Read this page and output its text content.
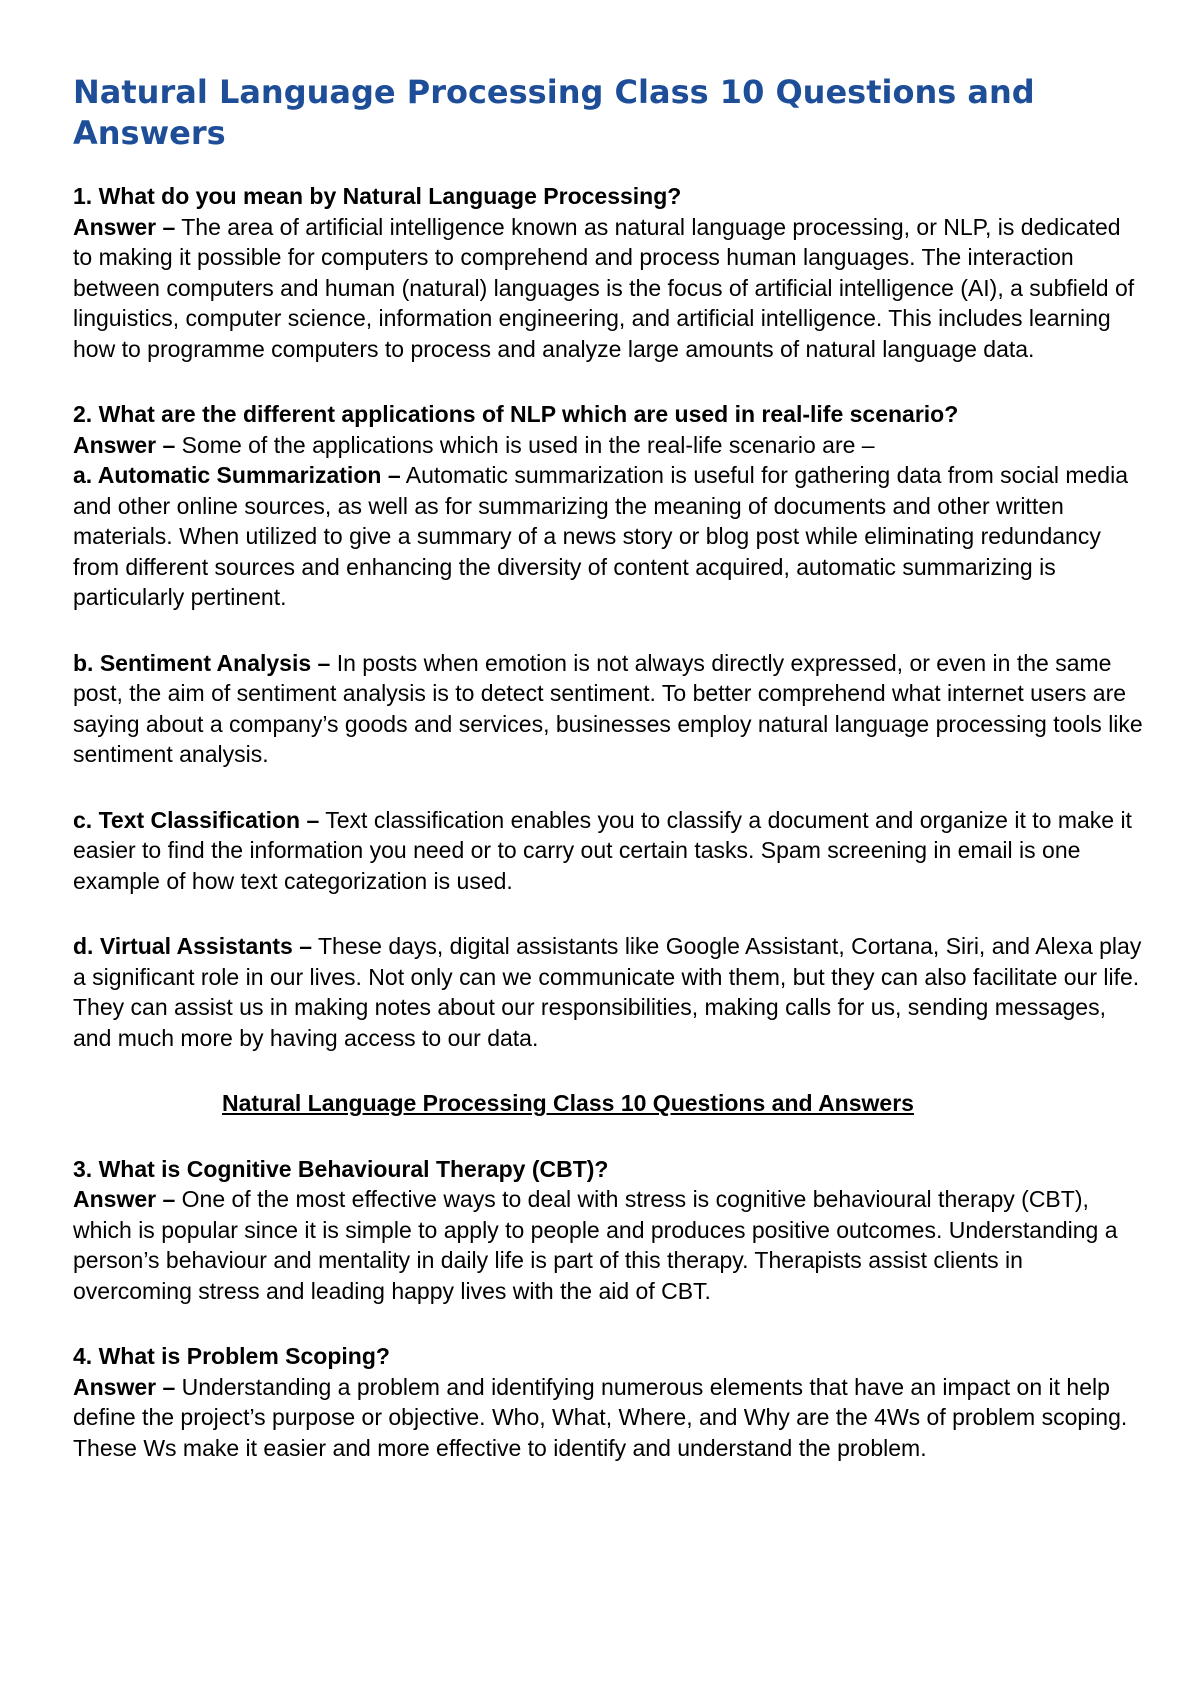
Natural Language Processing Class 10 Questions and Answers
1. What do you mean by Natural Language Processing?
Answer – The area of artificial intelligence known as natural language processing, or NLP, is dedicated to making it possible for computers to comprehend and process human languages. The interaction between computers and human (natural) languages is the focus of artificial intelligence (AI), a subfield of linguistics, computer science, information engineering, and artificial intelligence. This includes learning how to programme computers to process and analyze large amounts of natural language data.
2. What are the different applications of NLP which are used in real-life scenario?
Answer – Some of the applications which is used in the real-life scenario are –
a. Automatic Summarization – Automatic summarization is useful for gathering data from social media and other online sources, as well as for summarizing the meaning of documents and other written materials. When utilized to give a summary of a news story or blog post while eliminating redundancy from different sources and enhancing the diversity of content acquired, automatic summarizing is particularly pertinent.
b. Sentiment Analysis – In posts when emotion is not always directly expressed, or even in the same post, the aim of sentiment analysis is to detect sentiment. To better comprehend what internet users are saying about a company’s goods and services, businesses employ natural language processing tools like sentiment analysis.
c. Text Classification – Text classification enables you to classify a document and organize it to make it easier to find the information you need or to carry out certain tasks. Spam screening in email is one example of how text categorization is used.
d. Virtual Assistants – These days, digital assistants like Google Assistant, Cortana, Siri, and Alexa play a significant role in our lives. Not only can we communicate with them, but they can also facilitate our life. They can assist us in making notes about our responsibilities, making calls for us, sending messages, and much more by having access to our data.
Natural Language Processing Class 10 Questions and Answers
3. What is Cognitive Behavioural Therapy (CBT)?
Answer – One of the most effective ways to deal with stress is cognitive behavioural therapy (CBT), which is popular since it is simple to apply to people and produces positive outcomes. Understanding a person’s behaviour and mentality in daily life is part of this therapy. Therapists assist clients in overcoming stress and leading happy lives with the aid of CBT.
4. What is Problem Scoping?
Answer – Understanding a problem and identifying numerous elements that have an impact on it help define the project’s purpose or objective. Who, What, Where, and Why are the 4Ws of problem scoping. These Ws make it easier and more effective to identify and understand the problem.
